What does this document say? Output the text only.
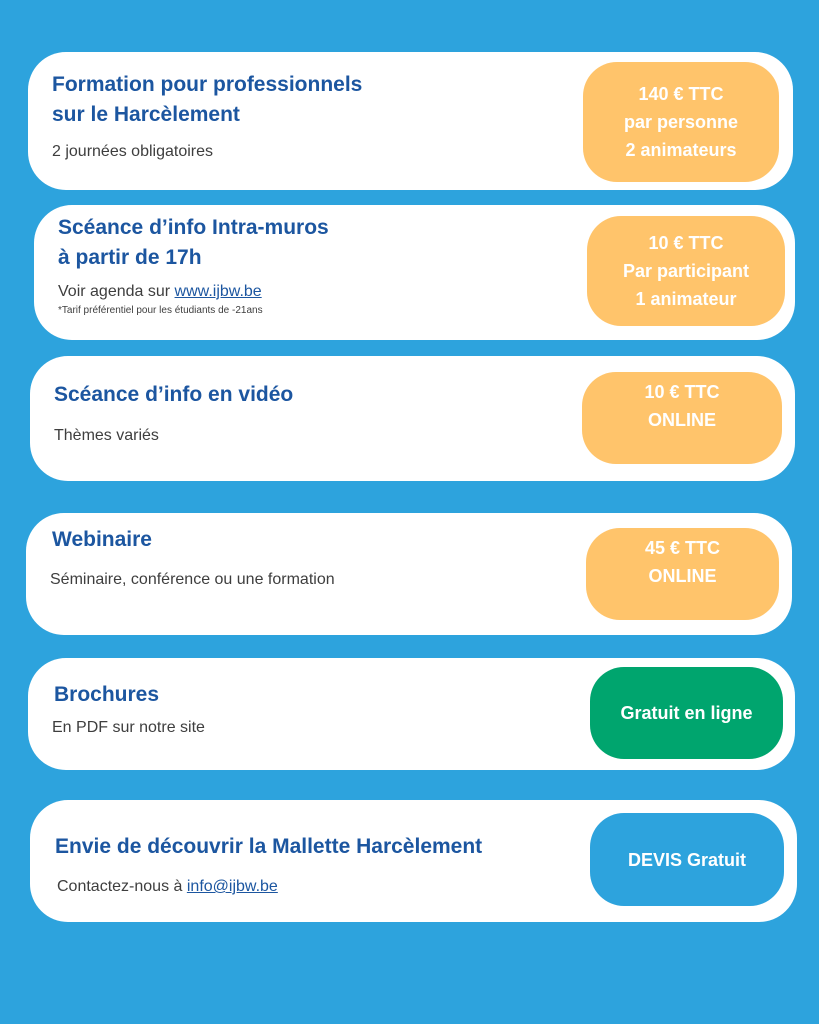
Formation pour professionnels
sur le Harcèlement
2 journées obligatoires
140 € TTC
par personne
2 animateurs
Scéance d’info Intra-muros
à partir de 17h
Voir agenda sur www.ijbw.be
*Tarif préférentiel pour les étudiants de -21ans
10 € TTC
Par participant
1 animateur
Scéance d’info en vidéo
Thèmes variés
10 € TTC
ONLINE
Webinaire
Séminaire, conférence ou une formation
45 € TTC
ONLINE
Brochures
En PDF sur notre site
Gratuit en ligne
Envie de découvrir la Mallette Harcèlement
Contactez-nous à info@ijbw.be
DEVIS Gratuit
